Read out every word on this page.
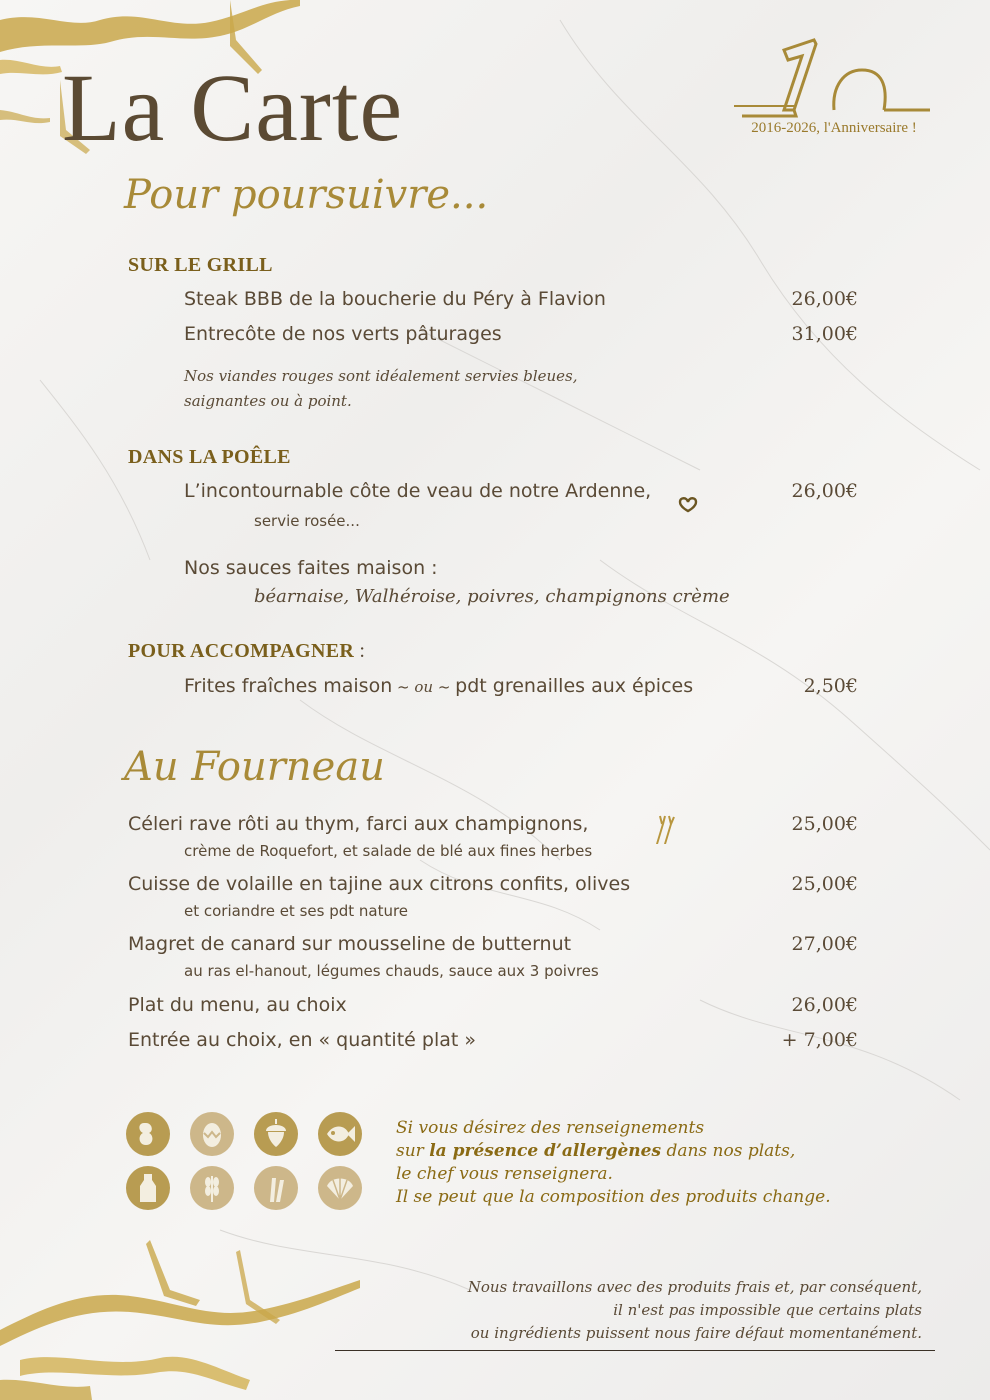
La Carte	2016-2026, l'Anniversaire !
Pour poursuivre...
SUR LE GRILL
Steak BBB de la boucherie du Péry à Flavion	26,00€
Entrecôte de nos verts pâturages	31,00€
Nos viandes rouges sont idéalement servies bleues,
saignantes ou à point.
DANS LA POÊLE
L’incontournable côte de veau de notre Ardenne,	26,00€
servie rosée...
Nos sauces faites maison :
béarnaise, Walhéroise, poivres, champignons crème
POUR ACCOMPAGNER :
Frites fraîches maison ~ ou ~ pdt grenailles aux épices	2,50€
Au Fourneau
Céleri rave rôti au thym, farci aux champignons,	25,00€
crème de Roquefort, et salade de blé aux fines herbes
Cuisse de volaille en tajine aux citrons confits, olives	25,00€
et coriandre et ses pdt nature
Magret de canard sur mousseline de butternut	27,00€
au ras el-hanout, légumes chauds, sauce aux 3 poivres
Plat du menu, au choix	26,00€
Entrée au choix, en « quantité plat »	+ 7,00€
Si vous désirez des renseignements
sur la présence d’allergènes dans nos plats,
le chef vous renseignera.
Il se peut que la composition des produits change.
Nous travaillons avec des produits frais et, par conséquent,
il n'est pas impossible que certains plats
ou ingrédients puissent nous faire défaut momentanément.
